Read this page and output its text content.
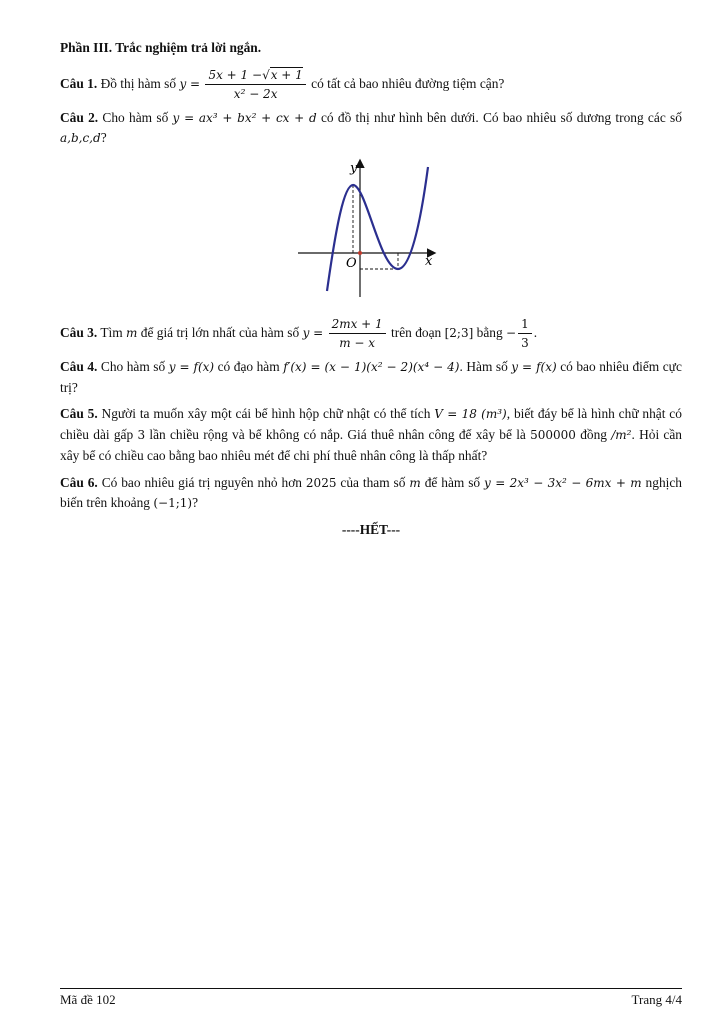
Phần III. Trắc nghiệm trả lời ngắn.
Câu 1. Đồ thị hàm số $y = \frac{5x + 1 -√x + 1}{\text{x² − 2x}}$ có tất cả bao nhiêu đường tiệm cận?
Câu 2. Cho hàm số y = ax³ + bx² + cx + d có đồ thị như hình bên dưới. Có bao nhiêu số dương trong các số a,b,c,d?
y
x
O
Câu 3. Tìm m để giá trị lớn nhất của hàm số $y = \frac{2mx + 1}{m - x}$ trên đoạn [2;3] bằng − $\frac{1}{3}$ .
Câu 4. Cho hàm số y = f(x) có đạo hàm f′(x) = (x − 1)(x² − 2)(x⁴ − 4). Hàm số y = f(x) có bao nhiêu điểm cực trị?
Câu 5. Người ta muốn xây một cái bể hình hộp chữ nhật có thể tích V = 18 (m³), biết đáy bể là hình chữ nhật có chiều dài gấp 3 lần chiều rộng và bể không có nắp. Giá thuê nhân công để xây bể là 500000 đồng /m². Hỏi cần xây bể có chiều cao bằng bao nhiêu mét để chi phí thuê nhân công là thấp nhất?
Câu 6. Có bao nhiêu giá trị nguyên nhỏ hơn 2025 của tham số m để hàm số y = 2x³ − 3x² − 6mx + m nghịch biến trên khoảng (−1;1)?
----HẾT---
Mã đề 102	Trang 4/4
